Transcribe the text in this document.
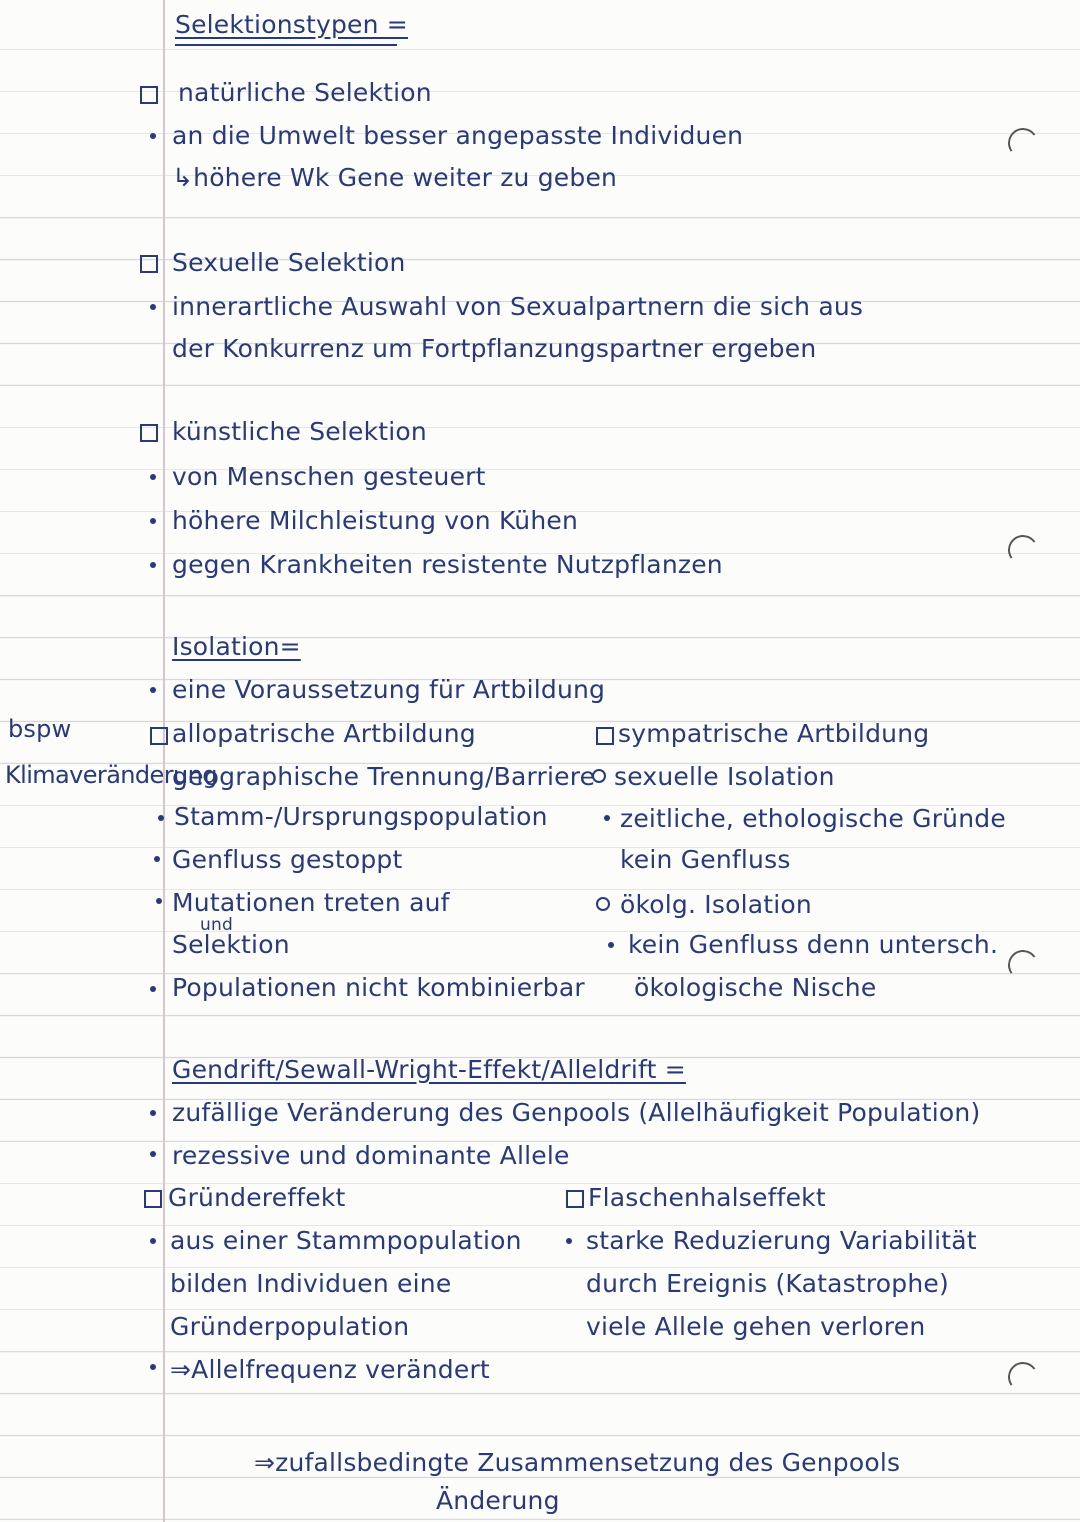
Selektionstypen =
natürliche Selektion
an die Umwelt besser angepasste Individuen
↳höhere Wk Gene weiter zu geben
Sexuelle Selektion
innerartliche Auswahl von Sexualpartnern die sich aus
der Konkurrenz um Fortpflanzungspartner ergeben
künstliche Selektion
von Menschen gesteuert
höhere Milchleistung von Kühen
gegen Krankheiten resistente Nutzpflanzen
Isolation=
eine Voraussetzung für Artbildung
bspw
Klimaveränderung
allopatrische Artbildung
geographische Trennung/Barriere
Stamm-/Ursprungspopulation
Genfluss gestoppt
Mutationen treten auf
und
Selektion
Populationen nicht kombinierbar
sympatrische Artbildung
sexuelle Isolation
zeitliche, ethologische Gründe
kein Genfluss
ökolg. Isolation
kein Genfluss denn untersch.
ökologische Nische
Gendrift/Sewall-Wright-Effekt/Alleldrift =
zufällige Veränderung des Genpools (Allelhäufigkeit Population)
rezessive und dominante Allele
Gründereffekt
aus einer Stammpopulation
bilden Individuen eine
Gründerpopulation
⇒Allelfrequenz verändert
Flaschenhalseffekt
starke Reduzierung Variabilität
durch Ereignis (Katastrophe)
viele Allele gehen verloren
⇒zufallsbedingte Zusammensetzung des Genpools
Änderung
